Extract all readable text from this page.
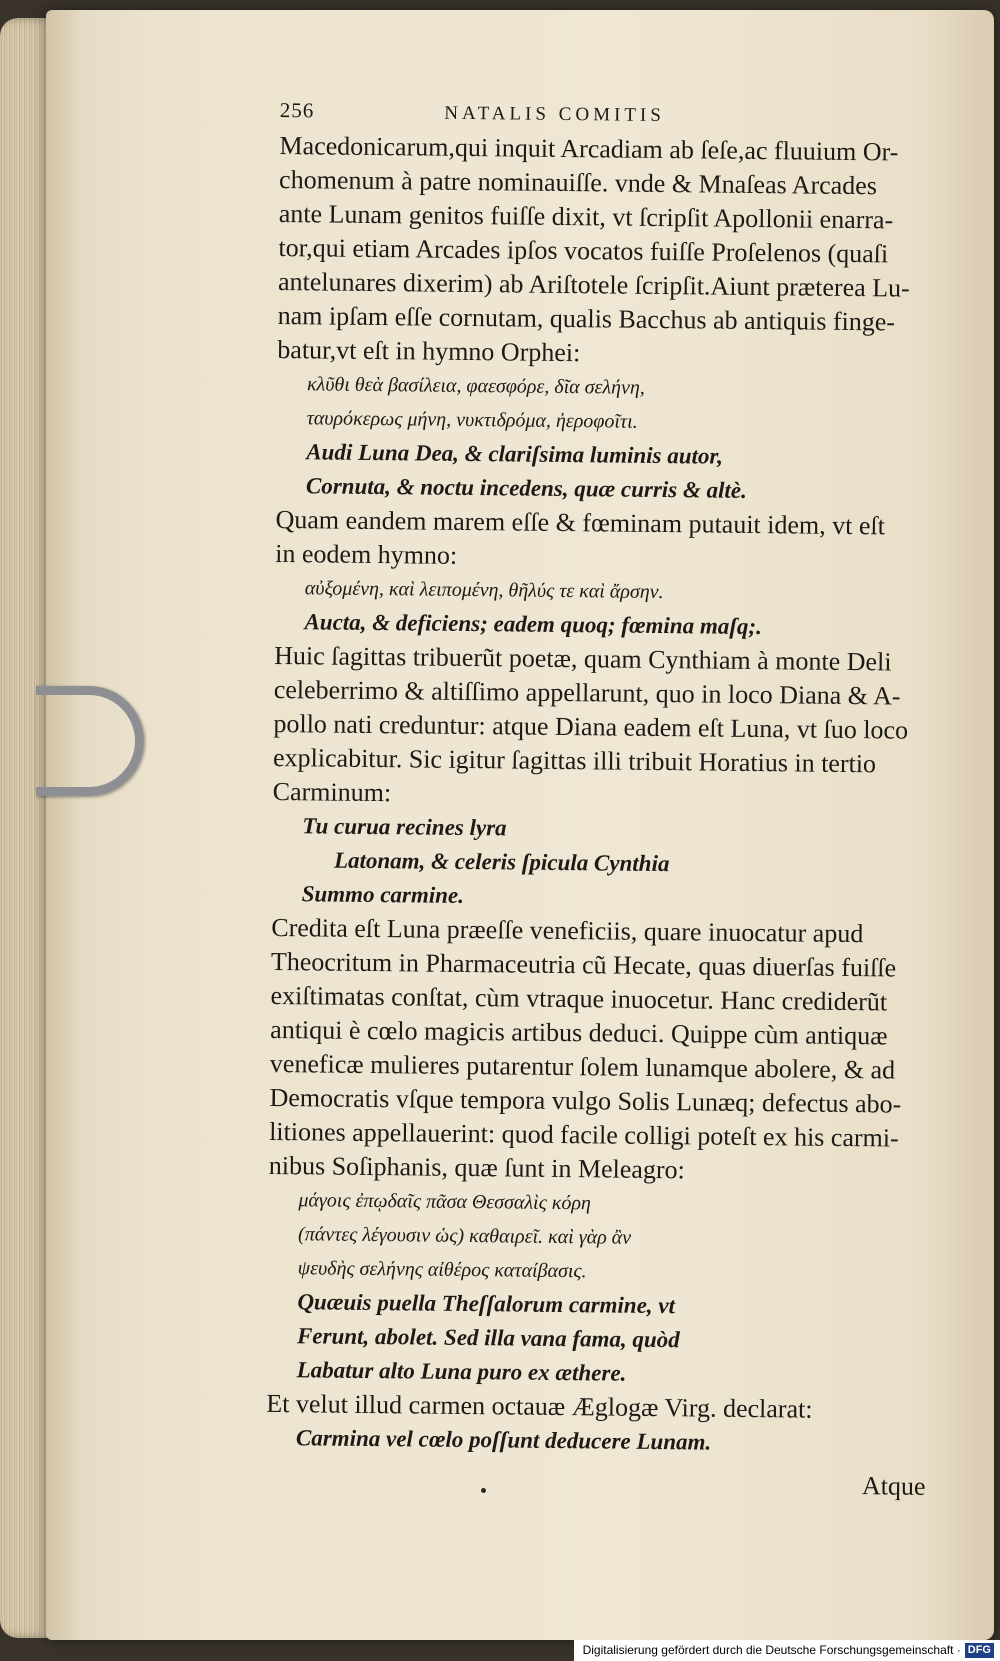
256	NATALIS COMITIS
Macedonicarum,qui inquit Arcadiam ab ſeſe,ac fluuium Or-
chomenum à patre nominauiſſe. vnde & Mnaſeas Arcades
ante Lunam genitos fuiſſe dixit, vt ſcripſit Apollonii enarra-
tor,qui etiam Arcades ipſos vocatos fuiſſe Proſelenos (quaſi
antelunares dixerim) ab Ariſtotele ſcripſit.Aiunt præterea Lu-
nam ipſam eſſe cornutam, qualis Bacchus ab antiquis finge-
batur,vt eſt in hymno Orphei:
κλῦθι θεὰ βασίλεια, φαεσφόρε, δῖα σελήνη,
ταυρόκερως μήνη, νυκτιδρόμα, ἠεροφοῖτι.
Audi Luna Dea, & clariſsima luminis autor,
Cornuta, & noctu incedens, quæ curris & altè.
Quam eandem marem eſſe & fœminam putauit idem, vt eſt
in eodem hymno:
αὐξομένη, καὶ λειπομένη, θῆλύς τε καὶ ἄρσην.
Aucta, & deficiens; eadem quoq; fœmina maſq;.
Huic ſagittas tribuerũt poetæ, quam Cynthiam à monte Deli
celeberrimo & altiſſimo appellarunt, quo in loco Diana & A-
pollo nati creduntur: atque Diana eadem eſt Luna, vt ſuo loco
explicabitur. Sic igitur ſagittas illi tribuit Horatius in tertio
Carminum:
Tu curua recines lyra
Latonam, & celeris ſpicula Cynthia
Summo carmine.
Credita eſt Luna præeſſe veneficiis, quare inuocatur apud
Theocritum in Pharmaceutria cũ Hecate, quas diuerſas fuiſſe
exiſtimatas conſtat, cùm vtraque inuocetur. Hanc crediderũt
antiqui è cœlo magicis artibus deduci. Quippe cùm antiquæ
veneficæ mulieres putarentur ſolem lunamque abolere, & ad
Democratis vſque tempora vulgo Solis Lunæq; defectus abo-
litiones appellauerint: quod facile colligi poteſt ex his carmi-
nibus Soſiphanis, quæ ſunt in Meleagro:
μάγοις ἐπῳδαῖς πᾶσα Θεσσαλὶς κόρη
(πάντες λέγουσιν ὡς) καθαιρεῖ. καὶ γὰρ ἂν
ψευδὴς σελήνης αἰθέρος καταίβασις.
Quæuis puella Theſſalorum carmine, vt
Ferunt, abolet. Sed illa vana fama, quòd
Labatur alto Luna puro ex æthere.
Et velut illud carmen octauæ Æglogæ Virg. declarat:
Carmina vel cœlo poſſunt deducere Lunam.
Atque
Digitalisierung gefördert durch die Deutsche Forschungsgemeinschaft · DFG
